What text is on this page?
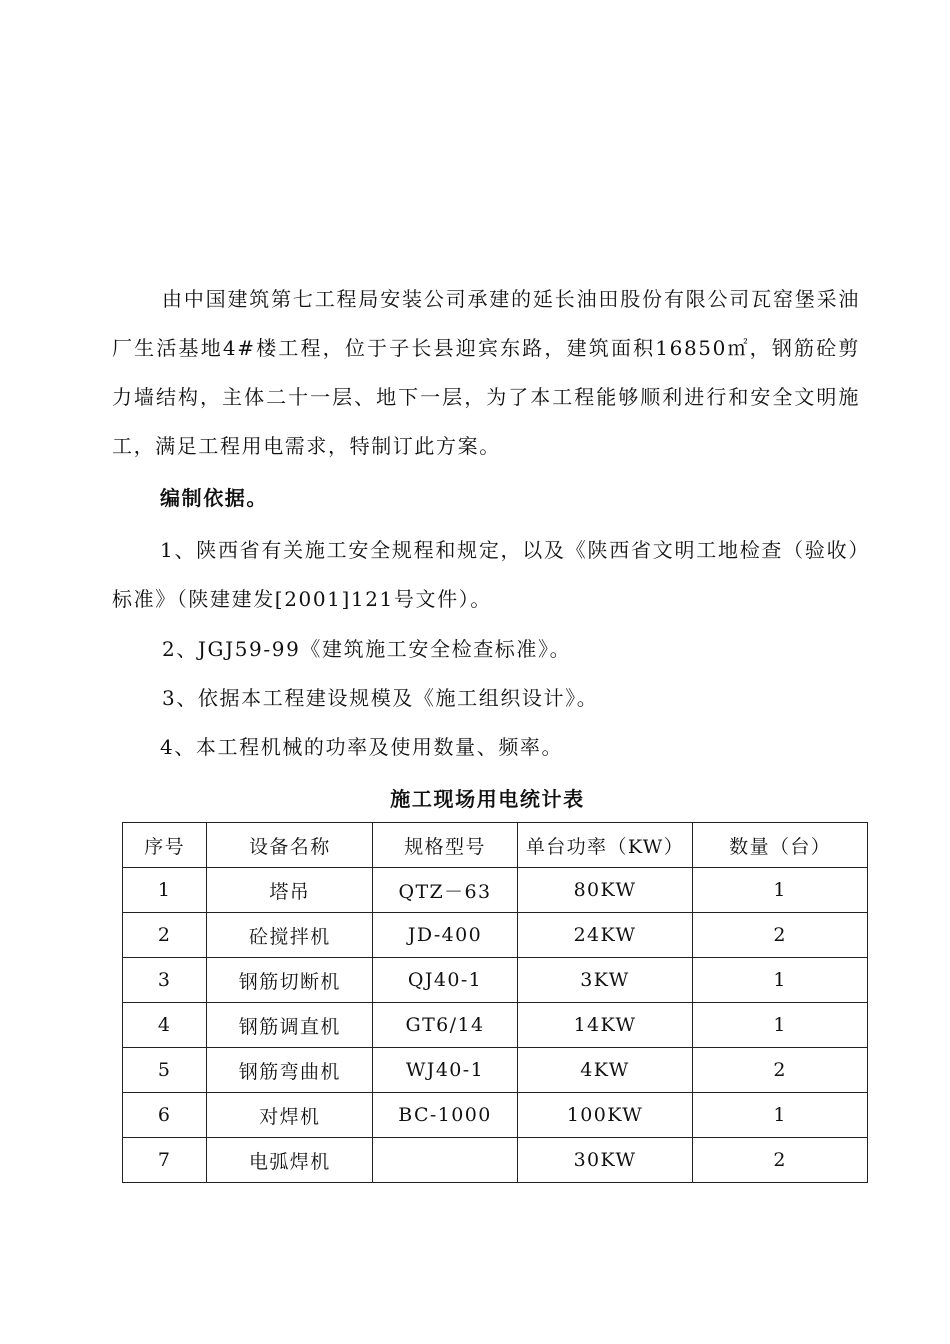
由中国建筑第七工程局安装公司承建的延长油田股份有限公司瓦窑堡采油厂生活基地4#楼工程，位于子长县迎宾东路，建筑面积16850㎡，钢筋砼剪力墙结构，主体二十一层、地下一层，为了本工程能够顺利进行和安全文明施工，满足工程用电需求，特制订此方案。

编制依据。

1、陕西省有关施工安全规程和规定，以及《陕西省文明工地检查（验收）标准》（陕建建发[2001]121号文件）。

2、JGJ59-99《建筑施工安全检查标准》。

3、依据本工程建设规模及《施工组织设计》。

4、本工程机械的功率及使用数量、频率。

施工现场用电统计表

序号	设备名称	规格型号	单台功率（KW）	数量（台）
1	塔吊	QTZ－63	80KW	1
2	砼搅拌机	JD-400	24KW	2
3	钢筋切断机	QJ40-1	3KW	1
4	钢筋调直机	GT6/14	14KW	1
5	钢筋弯曲机	WJ40-1	4KW	2
6	对焊机	BC-1000	100KW	1
7	电弧焊机		30KW	2
